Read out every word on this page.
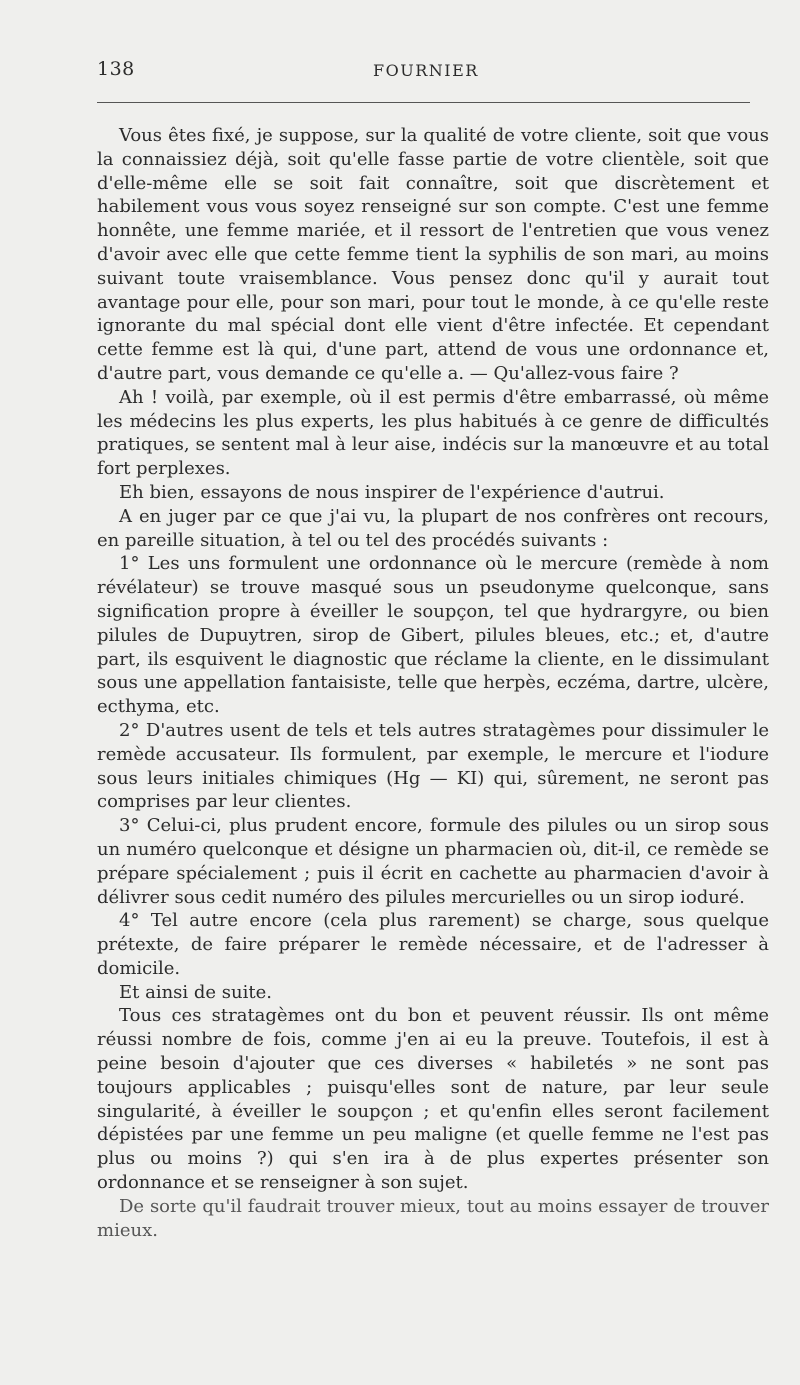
138	FOURNIER

Vous êtes fixé, je suppose, sur la qualité de votre cliente, soit que vous la connaissiez déjà, soit qu'elle fasse partie de votre clientèle, soit que d'elle-même elle se soit fait connaître, soit que discrètement et habilement vous vous soyez renseigné sur son compte. C'est une femme honnête, une femme mariée, et il ressort de l'entretien que vous venez d'avoir avec elle que cette femme tient la syphilis de son mari, au moins suivant toute vraisemblance. Vous pensez donc qu'il y aurait tout avantage pour elle, pour son mari, pour tout le monde, à ce qu'elle reste ignorante du mal spécial dont elle vient d'être infectée. Et cependant cette femme est là qui, d'une part, attend de vous une ordonnance et, d'autre part, vous demande ce qu'elle a. — Qu'allez-vous faire ?

Ah ! voilà, par exemple, où il est permis d'être embarrassé, où même les médecins les plus experts, les plus habitués à ce genre de difficultés pratiques, se sentent mal à leur aise, indécis sur la manœuvre et au total fort perplexes.

Eh bien, essayons de nous inspirer de l'expérience d'autrui.

A en juger par ce que j'ai vu, la plupart de nos confrères ont recours, en pareille situation, à tel ou tel des procédés suivants :

1° Les uns formulent une ordonnance où le mercure (remède à nom révélateur) se trouve masqué sous un pseudonyme quelconque, sans signification propre à éveiller le soupçon, tel que hydrargyre, ou bien pilules de Dupuytren, sirop de Gibert, pilules bleues, etc.; et, d'autre part, ils esquivent le diagnostic que réclame la cliente, en le dissimulant sous une appellation fantaisiste, telle que herpès, eczéma, dartre, ulcère, ecthyma, etc.

2° D'autres usent de tels et tels autres stratagèmes pour dissimuler le remède accusateur. Ils formulent, par exemple, le mercure et l'iodure sous leurs initiales chimiques (Hg — KI) qui, sûrement, ne seront pas comprises par leur clientes.

3° Celui-ci, plus prudent encore, formule des pilules ou un sirop sous un numéro quelconque et désigne un pharmacien où, dit-il, ce remède se prépare spécialement ; puis il écrit en cachette au pharmacien d'avoir à délivrer sous cedit numéro des pilules mercurielles ou un sirop ioduré.

4° Tel autre encore (cela plus rarement) se charge, sous quelque prétexte, de faire préparer le remède nécessaire, et de l'adresser à domicile.

Et ainsi de suite.

Tous ces stratagèmes ont du bon et peuvent réussir. Ils ont même réussi nombre de fois, comme j'en ai eu la preuve. Toutefois, il est à peine besoin d'ajouter que ces diverses « habiletés » ne sont pas toujours applicables ; puisqu'elles sont de nature, par leur seule singularité, à éveiller le soupçon ; et qu'enfin elles seront facilement dépistées par une femme un peu maligne (et quelle femme ne l'est pas plus ou moins ?) qui s'en ira à de plus expertes présenter son ordonnance et se renseigner à son sujet.

De sorte qu'il faudrait trouver mieux, tout au moins essayer de trouver mieux.
